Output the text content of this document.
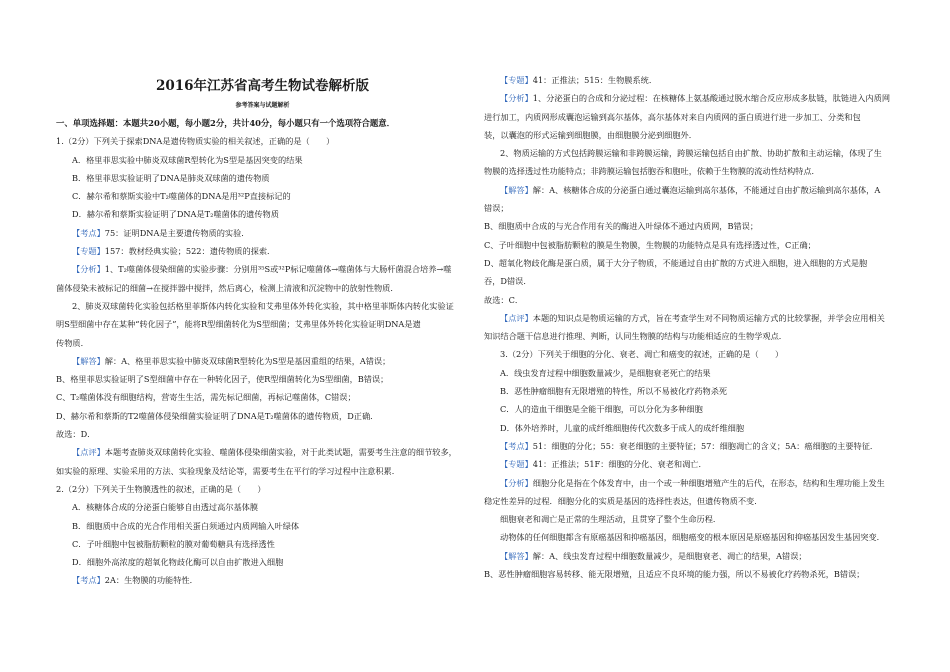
2016年江苏省高考生物试卷解析版
参考答案与试题解析
一、单项选择题：本题共20小题，每小题2分，共计40分，每小题只有一个选项符合题意．
1.（2分）下列关于探索DNA是遗传物质实验的相关叙述，正确的是（　　）
A．格里菲思实验中肺炎双球菌R型转化为S型是基因突变的结果
B．格里菲思实验证明了DNA是肺炎双球菌的遗传物质
C．赫尔希和蔡斯实验中T₂噬菌体的DNA是用³²P直接标记的
D．赫尔希和蔡斯实验证明了DNA是T₂噬菌体的遗传物质
【考点】75：证明DNA是主要遗传物质的实验．
【专题】157：教材经典实验；522：遗传物质的探索．
【分析】1、T₂噬菌体侵染细菌的实验步骤：分别用³⁵S或³²P标记噬菌体→噬菌体与大肠杆菌混合培养→噬
菌体侵染未被标记的细菌→在搅拌器中搅拌，然后离心，检测上清液和沉淀物中的放射性物质．
2、肺炎双球菌转化实验包括格里菲斯体内转化实验和艾弗里体外转化实验，其中格里菲斯体内转化实验证
明S型细菌中存在某种“转化因子”，能将R型细菌转化为S型细菌；艾弗里体外转化实验证明DNA是遗
传物质．
【解答】解：A、格里菲思实验中肺炎双球菌R型转化为S型是基因重组的结果，A错误；
B、格里菲思实验证明了S型细菌中存在一种转化因子，使R型细菌转化为S型细菌，B错误；
C、T₂噬菌体没有细胞结构，营寄生生活，需先标记细菌，再标记噬菌体，C错误；
D、赫尔希和蔡斯的T2噬菌体侵染细菌实验证明了DNA是T₂噬菌体的遗传物质，D正确．
故选：D．
【点评】本题考查肺炎双球菌转化实验、噬菌体侵染细菌实验，对于此类试题，需要考生注意的细节较多，
如实验的原理、实验采用的方法、实验现象及结论等，需要考生在平行的学习过程中注意积累．
2.（2分）下列关于生物膜透性的叙述，正确的是（　　）
A．核糖体合成的分泌蛋白能够自由透过高尔基体膜
B．细胞质中合成的光合作用相关蛋白须通过内质网输入叶绿体
C．子叶细胞中包被脂肪颗粒的膜对葡萄糖具有选择透性
D．细胞外高浓度的超氧化物歧化酶可以自由扩散进入细胞
【考点】2A：生物膜的功能特性．
【专题】41：正推法；515：生物膜系统．
【分析】1、分泌蛋白的合成和分泌过程：在核糖体上氨基酸通过脱水缩合反应形成多肽链，肽链进入内质网
进行加工，内质网形成囊泡运输到高尔基体，高尔基体对来自内质网的蛋白质进行进一步加工、分类和包
装，以囊泡的形式运输到细胞膜，由细胞膜分泌到细胞外．
2、物质运输的方式包括跨膜运输和非跨膜运输，跨膜运输包括自由扩散、协助扩散和主动运输，体现了生
物膜的选择透过性功能特点；非跨膜运输包括胞吞和胞吐，依赖于生物膜的流动性结构特点．
【解答】解：A、核糖体合成的分泌蛋白通过囊泡运输到高尔基体，不能通过自由扩散运输到高尔基体，A
错误；
B、细胞质中合成的与光合作用有关的酶进入叶绿体不通过内质网，B错误；
C、子叶细胞中包被脂肪颗粒的膜是生物膜，生物膜的功能特点是具有选择透过性，C正确；
D、超氧化物歧化酶是蛋白质，属于大分子物质，不能通过自由扩散的方式进入细胞，进入细胞的方式是胞
吞，D错误．
故选：C．
【点评】本题的知识点是物质运输的方式，旨在考查学生对不同物质运输方式的比较掌握，并学会应用相关
知识结合题干信息进行推理、判断，认同生物膜的结构与功能相适应的生物学观点．
3.（2分）下列关于细胞的分化、衰老、凋亡和癌变的叙述，正确的是（　　）
A．线虫发育过程中细胞数量减少，是细胞衰老死亡的结果
B．恶性肿瘤细胞有无限增殖的特性，所以不易被化疗药物杀死
C．人的造血干细胞是全能干细胞，可以分化为多种细胞
D．体外培养时，儿童的成纤维细胞传代次数多于成人的成纤维细胞
【考点】51：细胞的分化；55：衰老细胞的主要特征；57：细胞凋亡的含义；5A：癌细胞的主要特征．
【专题】41：正推法；51F：细胞的分化、衰老和凋亡．
【分析】细胞分化是指在个体发育中，由一个或一种细胞增殖产生的后代，在形态，结构和生理功能上发生
稳定性差异的过程．细胞分化的实质是基因的选择性表达，但遗传物质不变．
细胞衰老和凋亡是正常的生理活动，且贯穿了整个生命历程．
动物体的任何细胞都含有原癌基因和抑癌基因，细胞癌变的根本原因是原癌基因和抑癌基因发生基因突变．
【解答】解：A、线虫发育过程中细胞数量减少，是细胞衰老、凋亡的结果，A错误；
B、恶性肿瘤细胞容易转移、能无限增殖，且适应不良环境的能力强，所以不易被化疗药物杀死，B错误；
